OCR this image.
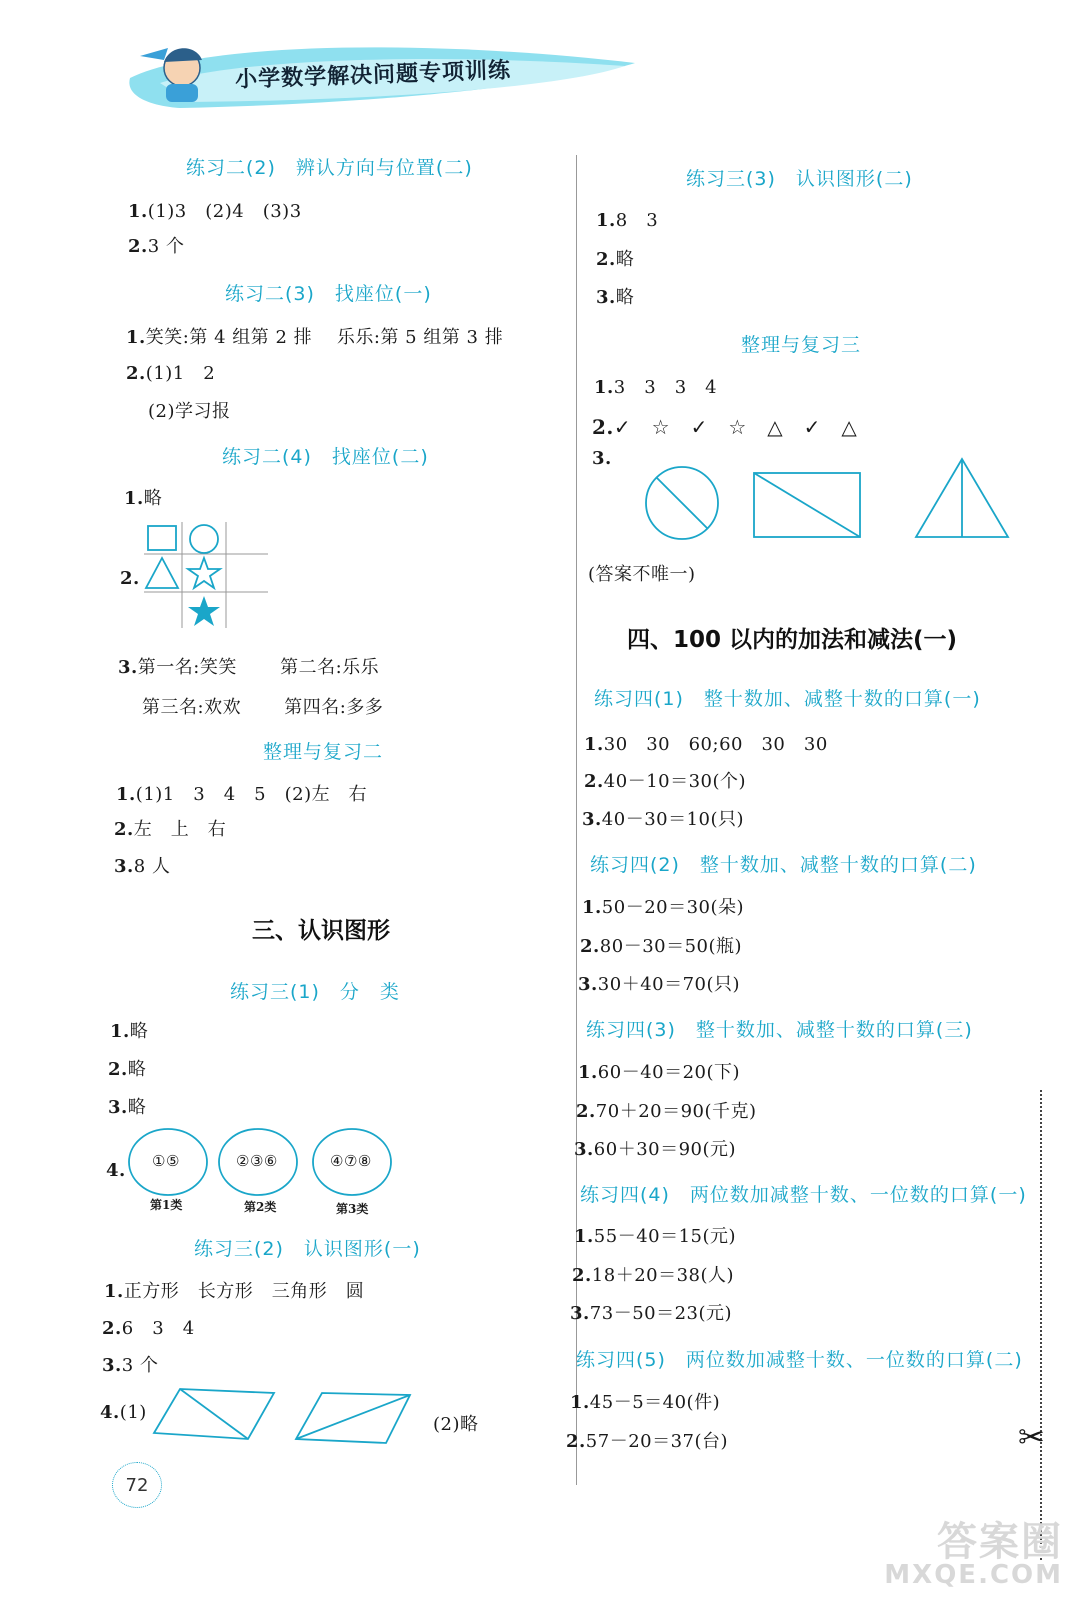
小学数学解决问题专项训练
练习二(2)　辨认方向与位置(二)
1.(1)3　(2)4　(3)3
2.3 个
练习二(3)　找座位(一)
1.笑笑:第 4 组第 2 排　 乐乐:第 5 组第 3 排
2.(1)1　2
(2)学习报
练习二(4)　找座位(二)
1.略
2.
3.第一名:笑笑　　 第二名:乐乐
第三名:欢欢　　 第四名:多多
整理与复习二
1.(1)1　3　4　5　(2)左　右
2.左　上　右
3.8 人
三、认识图形
练习三(1)　分　类
1.略
2.略
3.略
4. ①⑤	②③⑥	④⑦⑧
第1类	第2类	第3类
练习三(2)　认识图形(一)
1.正方形　长方形　三角形　圆
2.6　3　4
3.3 个
4.(1)
(2)略
练习三(3)　认识图形(二)
1.8　3
2.略
3.略
整理与复习三
1.3　3　3　4
2.✓　☆　✓　☆　△　✓　△
3.
(答案不唯一)
四、100 以内的加法和减法(一)
练习四(1)　整十数加、减整十数的口算(一)
1.30　30　60;60　30　30
2.40－10＝30(个)
3.40－30＝10(只)
练习四(2)　整十数加、减整十数的口算(二)
1.50－20＝30(朵)
2.80－30＝50(瓶)
3.30＋40＝70(只)
练习四(3)　整十数加、减整十数的口算(三)
1.60－40＝20(下)
2.70＋20＝90(千克)
3.60＋30＝90(元)
练习四(4)　两位数加减整十数、一位数的口算(一)
1.55－40＝15(元)
2.18＋20＝38(人)
3.73－50＝23(元)
练习四(5)　两位数加减整十数、一位数的口算(二)
1.45－5＝40(件)
2.57－20＝37(台)
72
✂
答案圈
MXQE.COM
